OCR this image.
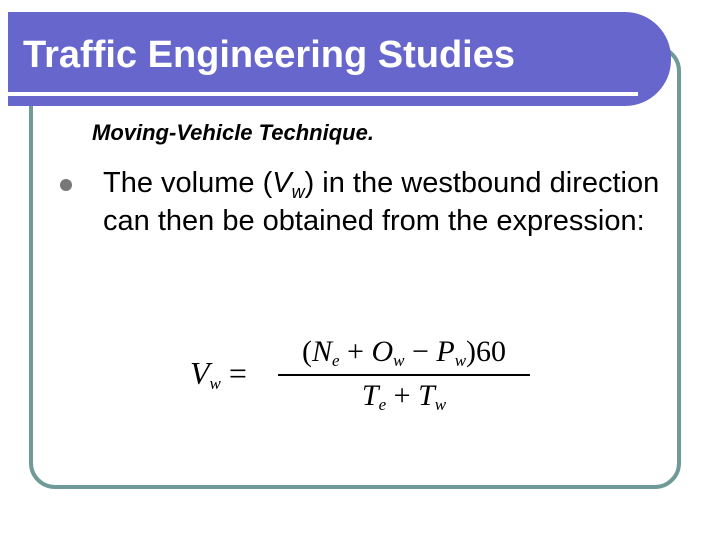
Traffic Engineering Studies

Moving-Vehicle Technique.

The volume $(V_w)$ in the westbound direction can then be obtained from the expression:

$V_w$ =
$(N_e + O_w - P_w)60$
$T_e + T_w$
